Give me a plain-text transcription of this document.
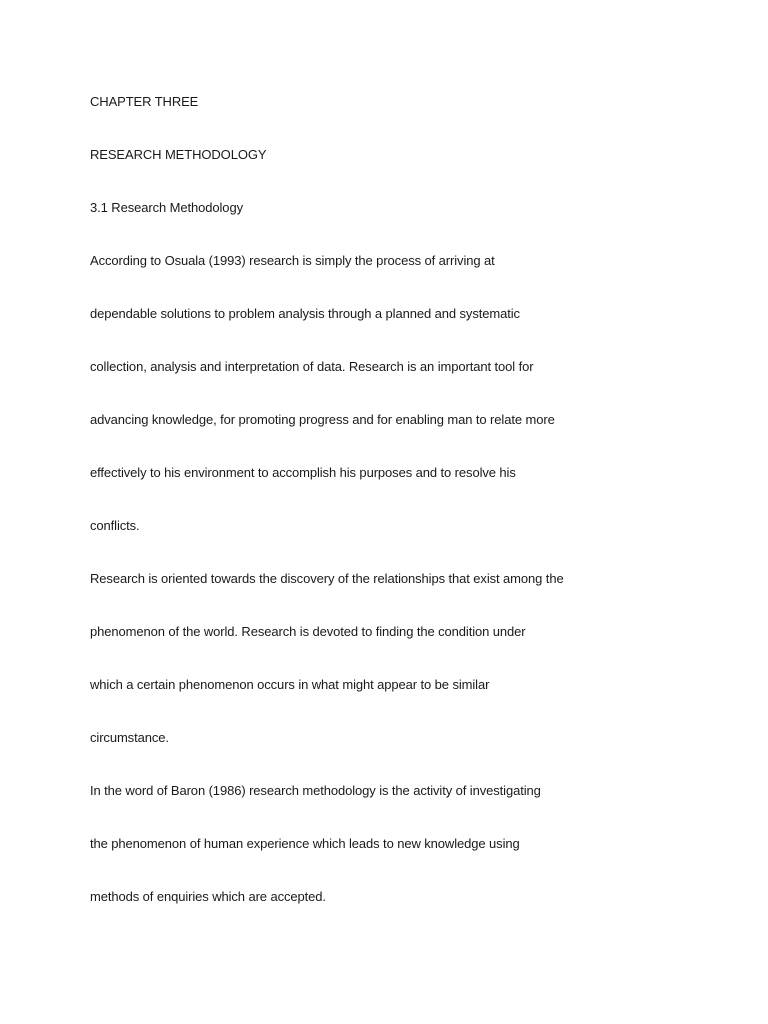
CHAPTER THREE
RESEARCH METHODOLOGY
3.1 Research Methodology
According to Osuala (1993) research is simply the process of arriving at
dependable solutions to problem analysis through a planned and systematic
collection, analysis and interpretation of data. Research is an important tool for
advancing knowledge, for promoting progress and for enabling man to relate more
effectively to his environment to accomplish his purposes and to resolve his
conflicts.
Research is oriented towards the discovery of the relationships that exist among the
phenomenon of the world. Research is devoted to finding the condition under
which a certain phenomenon occurs in what might appear to be similar
circumstance.
In the word of Baron (1986) research methodology is the activity of investigating
the phenomenon of human experience which leads to new knowledge using
methods of enquiries which are accepted.
